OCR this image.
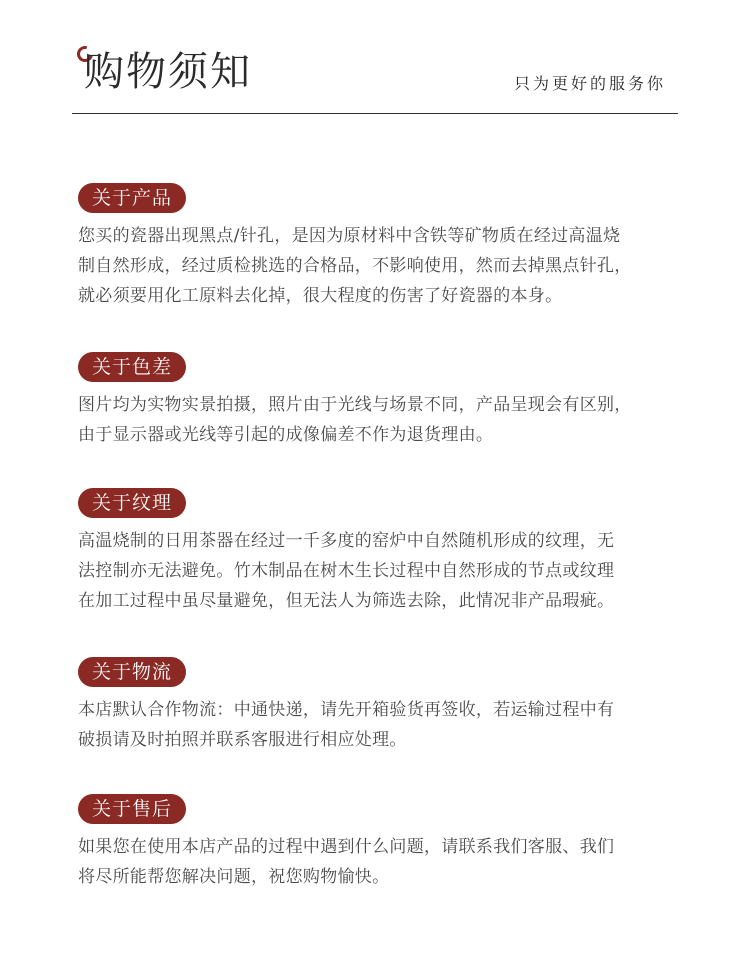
购物须知	只为更好的服务你
关于产品
您买的瓷器出现黑点/针孔，是因为原材料中含铁等矿物质在经过高温烧
制自然形成，经过质检挑选的合格品，不影响使用，然而去掉黑点针孔，
就必须要用化工原料去化掉，很大程度的伤害了好瓷器的本身。
关于色差
图片均为实物实景拍摄，照片由于光线与场景不同，产品呈现会有区别，
由于显示器或光线等引起的成像偏差不作为退货理由。
关于纹理
高温烧制的日用茶器在经过一千多度的窑炉中自然随机形成的纹理，无
法控制亦无法避免。竹木制品在树木生长过程中自然形成的节点或纹理
在加工过程中虽尽量避免，但无法人为筛选去除，此情况非产品瑕疵。
关于物流
本店默认合作物流：中通快递，请先开箱验货再签收，若运输过程中有
破损请及时拍照并联系客服进行相应处理。
关于售后
如果您在使用本店产品的过程中遇到什么问题，请联系我们客服、我们
将尽所能帮您解决问题，祝您购物愉快。
